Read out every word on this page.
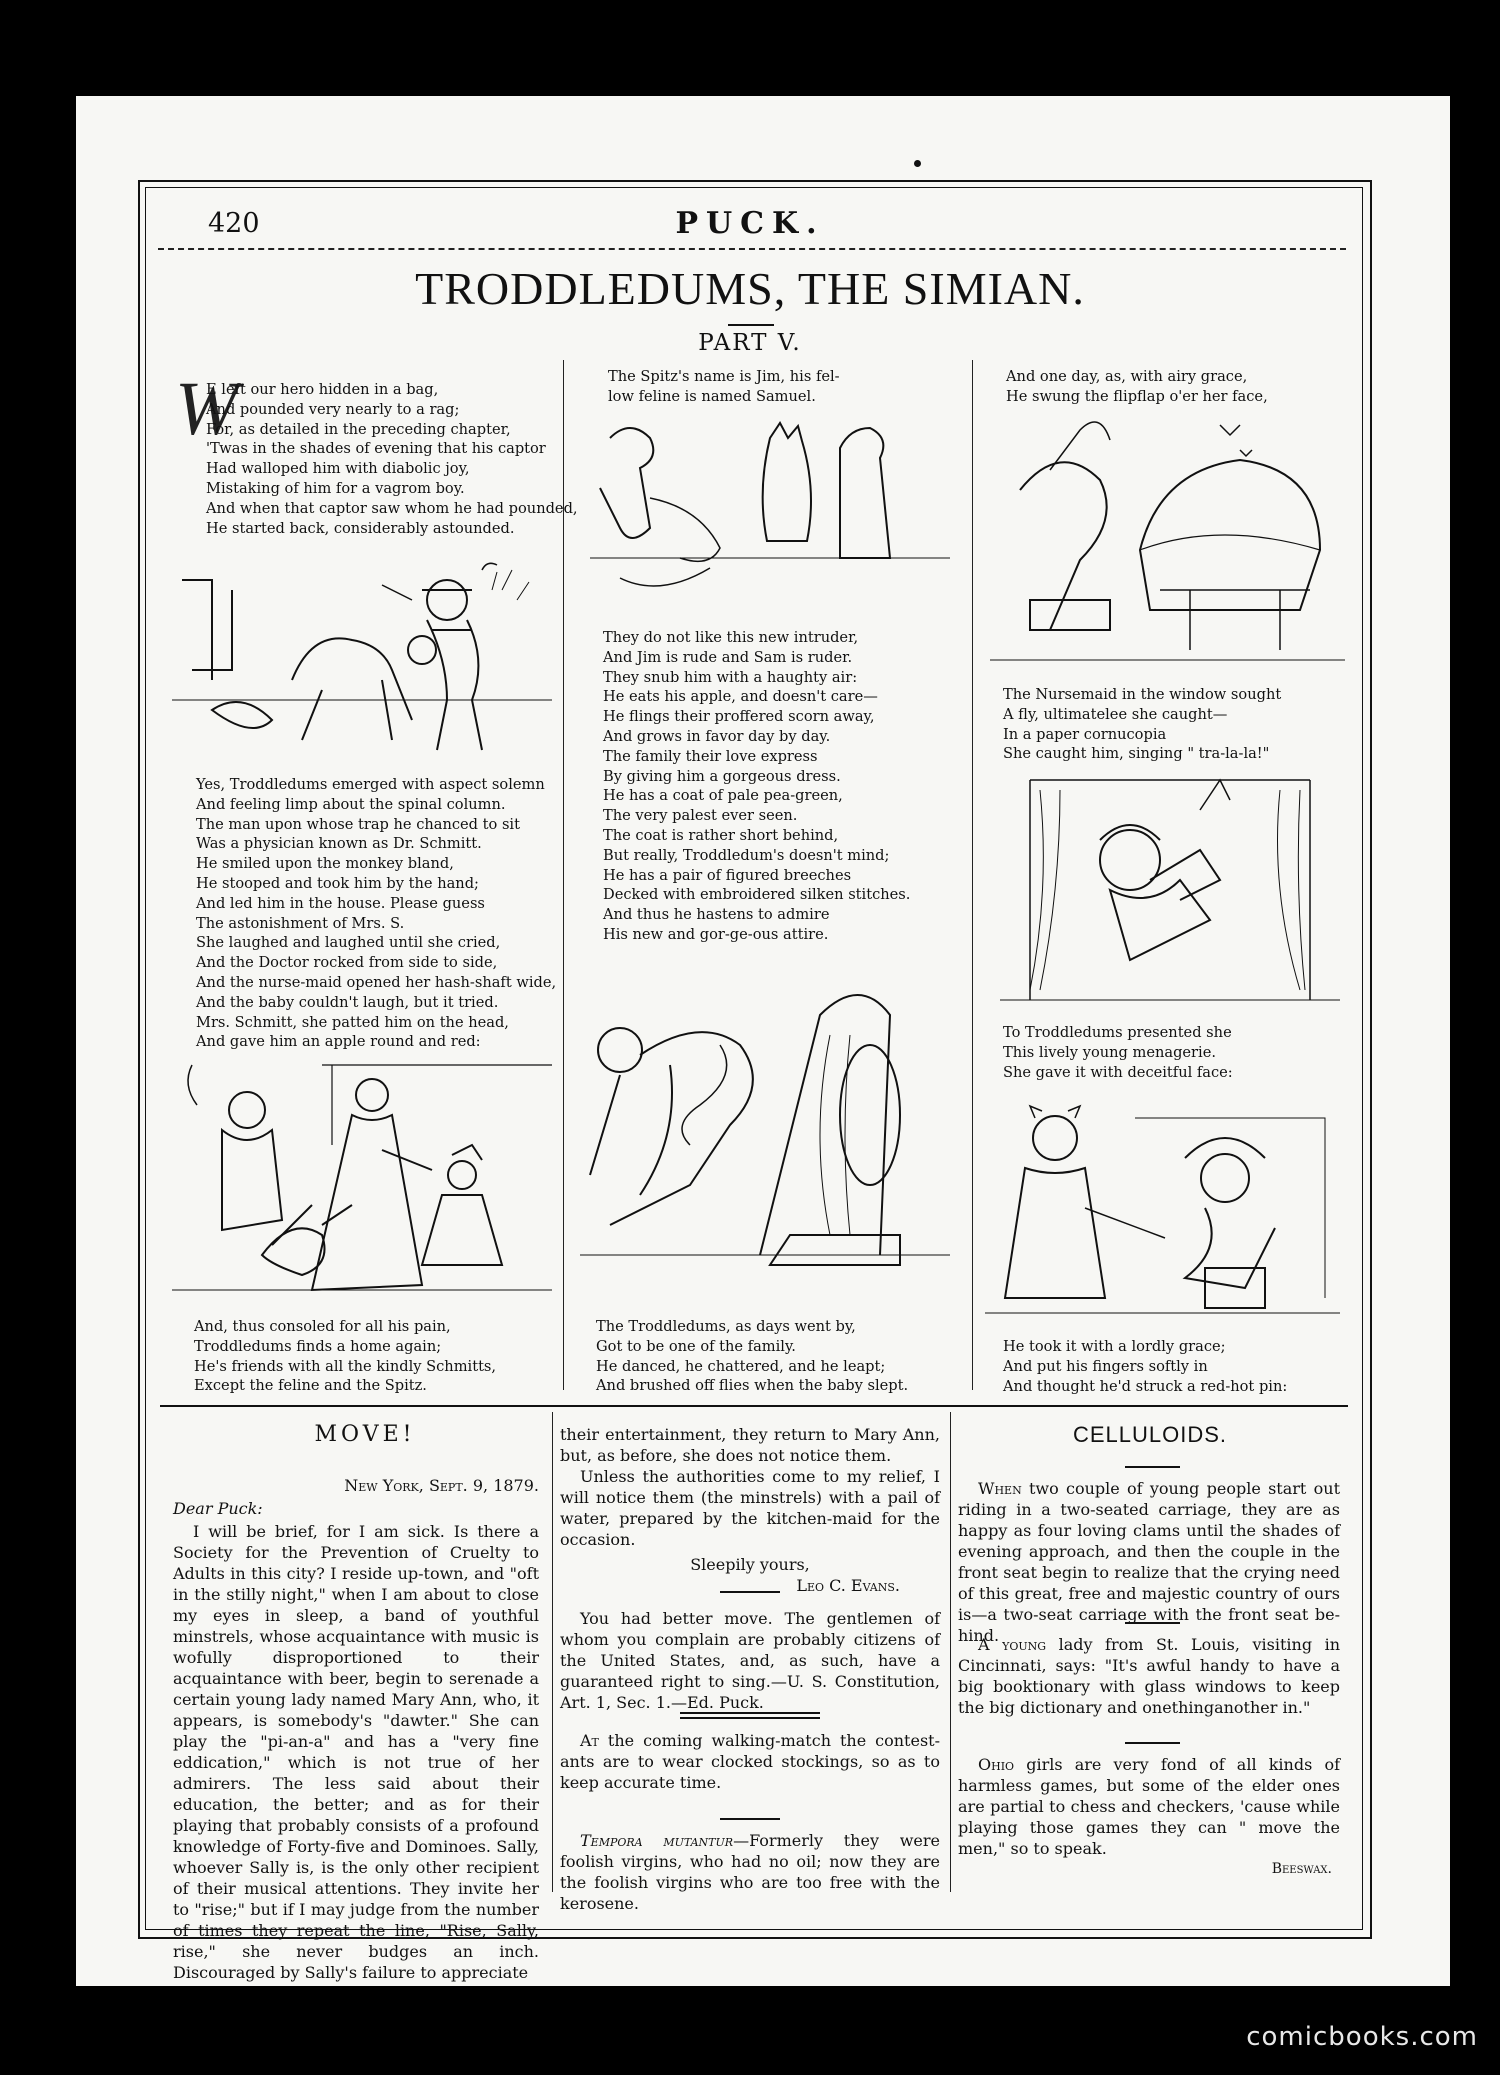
420	PUCK.
TRODDLEDUMS, THE SIMIAN.
PART V.
W
E left our hero hidden in a bag,
And pounded very nearly to a rag;
For, as detailed in the preceding chapter,
'Twas in the shades of evening that his captor
Had walloped him with diabolic joy,
Mistaking of him for a vagrom boy.
And when that captor saw whom he had pounded,
He started back, considerably astounded.
Yes, Troddledums emerged with aspect solemn
And feeling limp about the spinal column.
The man upon whose trap he chanced to sit
Was a physician known as Dr. Schmitt.
He smiled upon the monkey bland,
He stooped and took him by the hand;
And led him in the house. Please guess
The astonishment of Mrs. S.
She laughed and laughed until she cried,
And the Doctor rocked from side to side,
And the nurse-maid opened her hash-shaft wide,
And the baby couldn't laugh, but it tried.
Mrs. Schmitt, she patted him on the head,
And gave him an apple round and red:
And, thus consoled for all his pain,
Troddledums finds a home again;
He's friends with all the kindly Schmitts,
Except the feline and the Spitz.
The Spitz's name is Jim, his fel-
low feline is named Samuel.
They do not like this new intruder,
And Jim is rude and Sam is ruder.
They snub him with a haughty air:
He eats his apple, and doesn't care—
He flings their proffered scorn away,
And grows in favor day by day.
The family their love express
By giving him a gorgeous dress.
He has a coat of pale pea-green,
The very palest ever seen.
The coat is rather short behind,
But really, Troddledum's doesn't mind;
He has a pair of figured breeches
Decked with embroidered silken stitches.
And thus he hastens to admire
His new and gor-ge-ous attire.
The Troddledums, as days went by,
Got to be one of the family.
He danced, he chattered, and he leapt;
And brushed off flies when the baby slept.
And one day, as, with airy grace,
He swung the flipflap o'er her face,
The Nursemaid in the window sought
A fly, ultimatelee she caught—
In a paper cornucopia
She caught him, singing " tra-la-la!"
To Troddledums presented she
This lively young menagerie.
She gave it with deceitful face:
He took it with a lordly grace;
And put his fingers softly in
And thought he'd struck a red-hot pin:
MOVE!
New York, Sept. 9, 1879.
Dear Puck:

I will be brief, for I am sick. Is there a Society for the Prevention of Cruelty to Adults in this city? I reside up-town, and "oft in the stilly night," when I am about to close my eyes in sleep, a band of youthful minstrels, whose acquaintance with music is wofully disproportioned to their acquaintance with beer, begin to serenade a certain young lady named Mary Ann, who, it appears, is somebody's "dawter." She can play the "pi-an-a" and has a "very fine eddication," which is not true of her admirers. The less said about their education, the better; and as for their playing that probably consists of a profound knowledge of Forty-five and Dominoes. Sally, whoever Sally is, is the only other recipient of their musical attentions. They invite her to "rise;" but if I may judge from the number of times they repeat the line, "Rise, Sally, rise," she never budges an inch. Discouraged by Sally's failure to appreciate

their entertainment, they return to Mary Ann, but, as before, she does not notice them.

Unless the authorities come to my relief, I will notice them (the minstrels) with a pail of water, prepared by the kitchen-maid for the occasion.

Sleepily yours,
Leo C. Evans.

You had better move. The gentlemen of whom you complain are probably citizens of the United States, and, as such, have a guaranteed right to sing.—U. S. Constitution, Art. 1, Sec. 1.—Ed. Puck.

At the coming walking-match the contestants are to wear clocked stockings, so as to keep accurate time.

Tempora mutantur—Formerly they were foolish virgins, who had no oil; now they are the foolish virgins who are too free with the kerosene.

CELLULOIDS.

When two couple of young people start out riding in a two-seated carriage, they are as happy as four loving clams until the shades of evening approach, and then the couple in the front seat begin to realize that the crying need of this great, free and majestic country of ours is—a two-seat carriage with the front seat behind.

A young lady from St. Louis, visiting in Cincinnati, says: "It's awful handy to have a big booktionary with glass windows to keep the big dictionary and onethinganother in."

Ohio girls are very fond of all kinds of harmless games, but some of the elder ones are partial to chess and checkers, 'cause while playing those games they can " move the men," so to speak.

Beeswax.
comicbooks.com
